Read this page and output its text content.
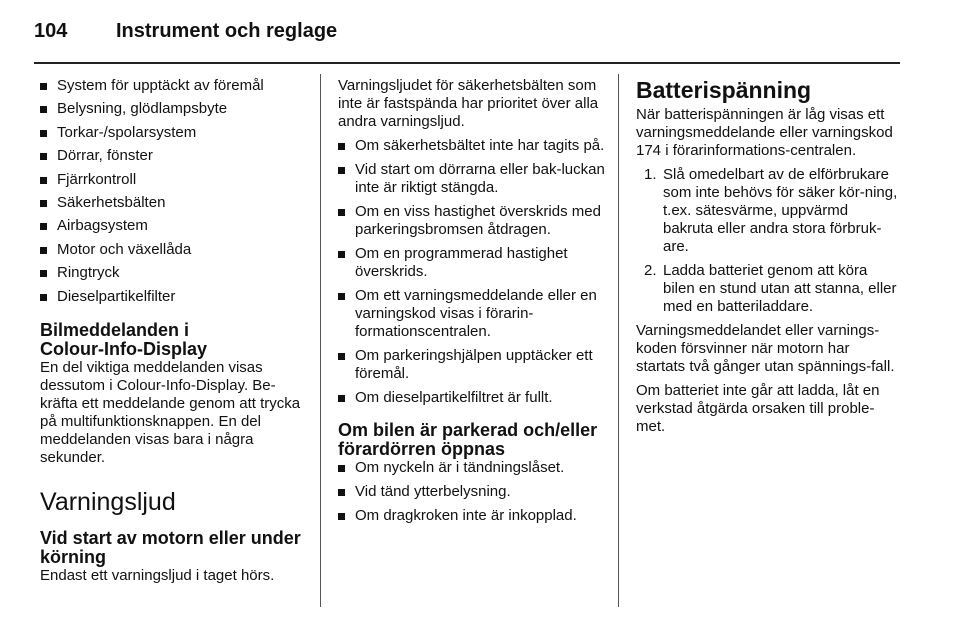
104 Instrument och reglage
System för upptäckt av föremål
Belysning, glödlampsbyte
Torkar-/spolarsystem
Dörrar, fönster
Fjärrkontroll
Säkerhetsbälten
Airbagsystem
Motor och växellåda
Ringtryck
Dieselpartikelfilter
Bilmeddelanden i
Colour-Info-Display

En del viktiga meddelanden visas dessutom i Colour-Info-Display. Be-kräfta ett meddelande genom att trycka på multifunktionsknappen. En del meddelanden visas bara i några sekunder.

Varningsljud
Vid start av motorn eller under
körning

Endast ett varningsljud i taget hörs.

Varningsljudet för säkerhetsbälten som inte är fastspända har prioritet över alla andra varningsljud.

Om säkerhetsbältet inte har tagits på.
Vid start om dörrarna eller bak-luckan inte är riktigt stängda.
Om en viss hastighet överskrids med parkeringsbromsen åtdragen.
Om en programmerad hastighet överskrids.
Om ett varningsmeddelande eller en varningskod visas i förarin-formationscentralen.
Om parkeringshjälpen upptäcker ett föremål.
Om dieselpartikelfiltret är fullt.
Om bilen är parkerad och/eller
förardörren öppnas
Om nyckeln är i tändningslåset.
Vid tänd ytterbelysning.
Om dragkroken inte är inkopplad.
Batterispänning

När batterispänningen är låg visas ett varningsmeddelande eller varningskod 174 i förarinformations-centralen.

1. Slå omedelbart av de elförbrukare som inte behövs för säker kör-ning, t.ex. sätesvärme, uppvärmd bakruta eller andra stora förbruk-are.
2. Ladda batteriet genom att köra bilen en stund utan att stanna, eller med en batteriladdare.

Varningsmeddelandet eller varnings-koden försvinner när motorn har startats två gånger utan spännings-fall.

Om batteriet inte går att ladda, låt en verkstad åtgärda orsaken till proble-met.
